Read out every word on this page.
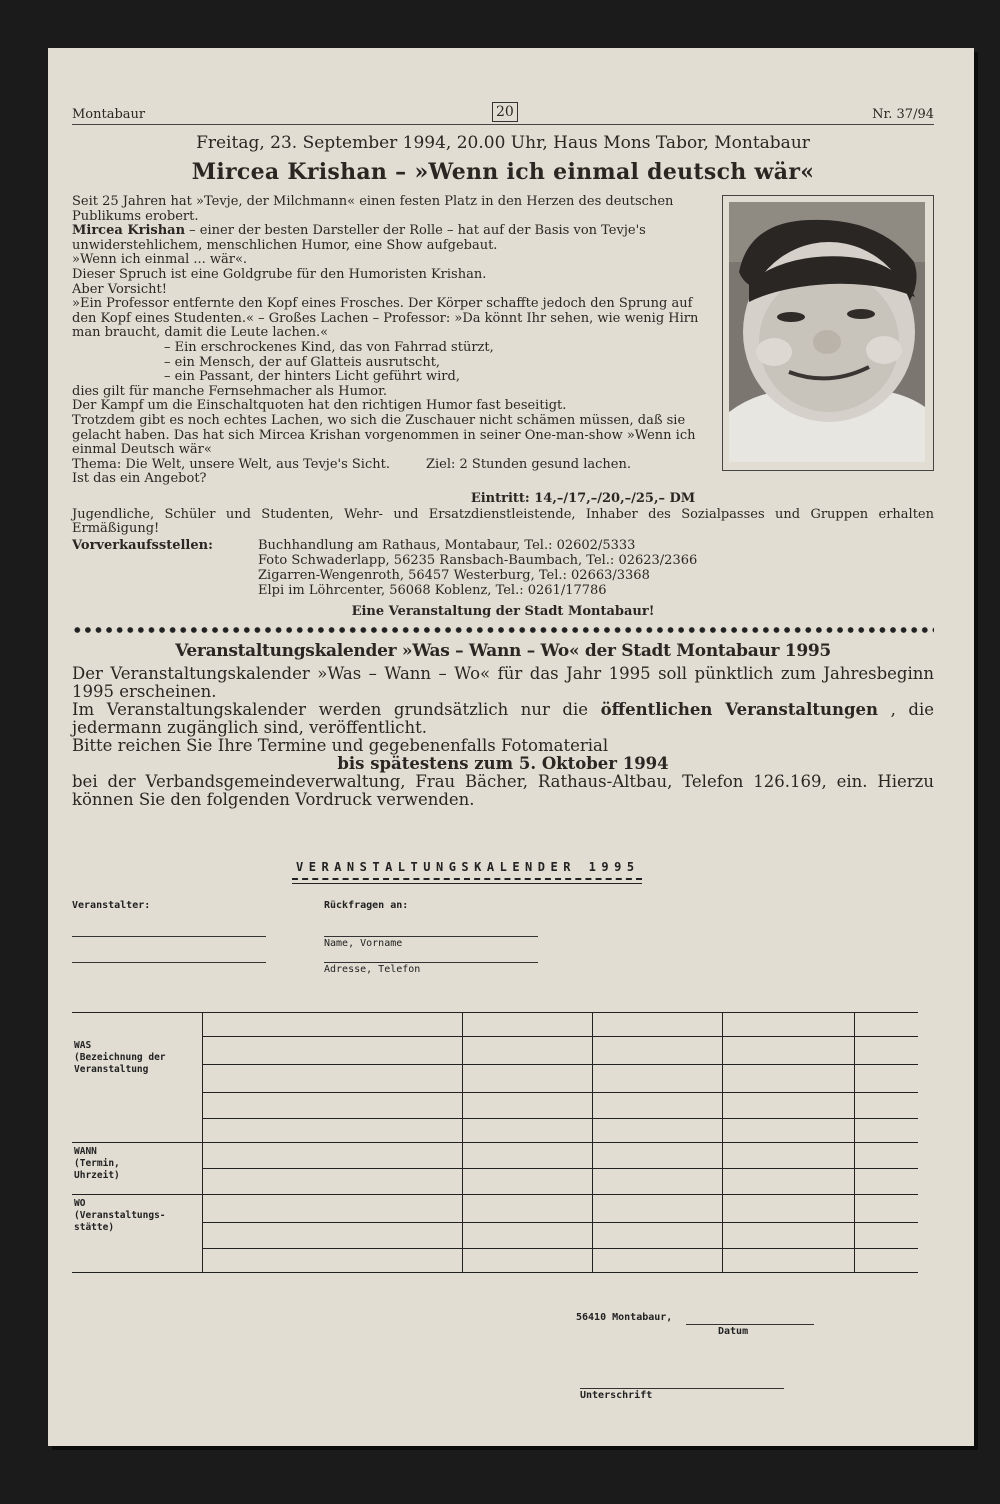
Montabaur	20	Nr. 37/94
Freitag, 23. September 1994, 20.00 Uhr, Haus Mons Tabor, Montabaur
Mircea Krishan – »Wenn ich einmal deutsch wär«

Seit 25 Jahren hat »Tevje, der Milchmann« einen festen Platz in den Herzen des deutschen Publikums erobert.

Mircea Krishan – einer der besten Darsteller der Rolle – hat auf der Basis von Tevje's unwiderstehlichem, menschlichen Humor, eine Show aufgebaut.

»Wenn ich einmal ... wär«.

Dieser Spruch ist eine Goldgrube für den Humoristen Krishan.

Aber Vorsicht!

»Ein Professor entfernte den Kopf eines Frosches. Der Körper schaffte jedoch den Sprung auf den Kopf eines Studenten.« – Großes Lachen – Professor: »Da könnt Ihr sehen, wie wenig Hirn man braucht, damit die Leute lachen.«

– Ein erschrockenes Kind, das von Fahrrad stürzt,

– ein Mensch, der auf Glatteis ausrutscht,

– ein Passant, der hinters Licht geführt wird,

dies gilt für manche Fernsehmacher als Humor.

Der Kampf um die Einschaltquoten hat den richtigen Humor fast beseitigt.

Trotzdem gibt es noch echtes Lachen, wo sich die Zuschauer nicht schämen müssen, daß sie gelacht haben. Das hat sich Mircea Krishan vorgenommen in seiner One-man-show »Wenn ich einmal Deutsch wär«

Thema: Die Welt, unsere Welt, aus Tevje's Sicht.	Ziel: 2 Stunden gesund lachen.

Ist das ein Angebot?

Eintritt: 14,–/17,–/20,–/25,– DM
Jugendliche, Schüler und Studenten, Wehr- und Ersatzdienstleistende, Inhaber des Sozialpasses und Gruppen erhalten Ermäßigung!
Vorverkaufsstellen:	Buchhandlung am Rathaus, Montabaur, Tel.: 02602/5333
Foto Schwaderlapp, 56235 Ransbach-Baumbach, Tel.: 02623/2366
Zigarren-Wengenroth, 56457 Westerburg, Tel.: 02663/3368
Elpi im Löhrcenter, 56068 Koblenz, Tel.: 0261/17786
Eine Veranstaltung der Stadt Montabaur!
Veranstaltungskalender »Was – Wann – Wo« der Stadt Montabaur 1995

Der Veranstaltungskalender »Was – Wann – Wo« für das Jahr 1995 soll pünktlich zum Jahresbeginn 1995 erscheinen.

Im Veranstaltungskalender werden grundsätzlich nur die öffentlichen Veranstaltungen , die jedermann zugänglich sind, veröffentlicht.

Bitte reichen Sie Ihre Termine und gegebenenfalls Fotomaterial

bis spätestens zum 5. Oktober 1994

bei der Verbandsgemeindeverwaltung, Frau Bächer, Rathaus-Altbau, Telefon 126.169, ein. Hierzu können Sie den folgenden Vordruck verwenden.

VERANSTALTUNGSKALENDER 1995
Veranstalter:	Rückfragen an:
Name, Vorname
Adresse, Telefon
WAS
(Bezeichnung der
Veranstaltung
WANN
(Termin,
Uhrzeit)
WO
(Veranstaltungs-
stätte)
56410 Montabaur,
Datum
Unterschrift
